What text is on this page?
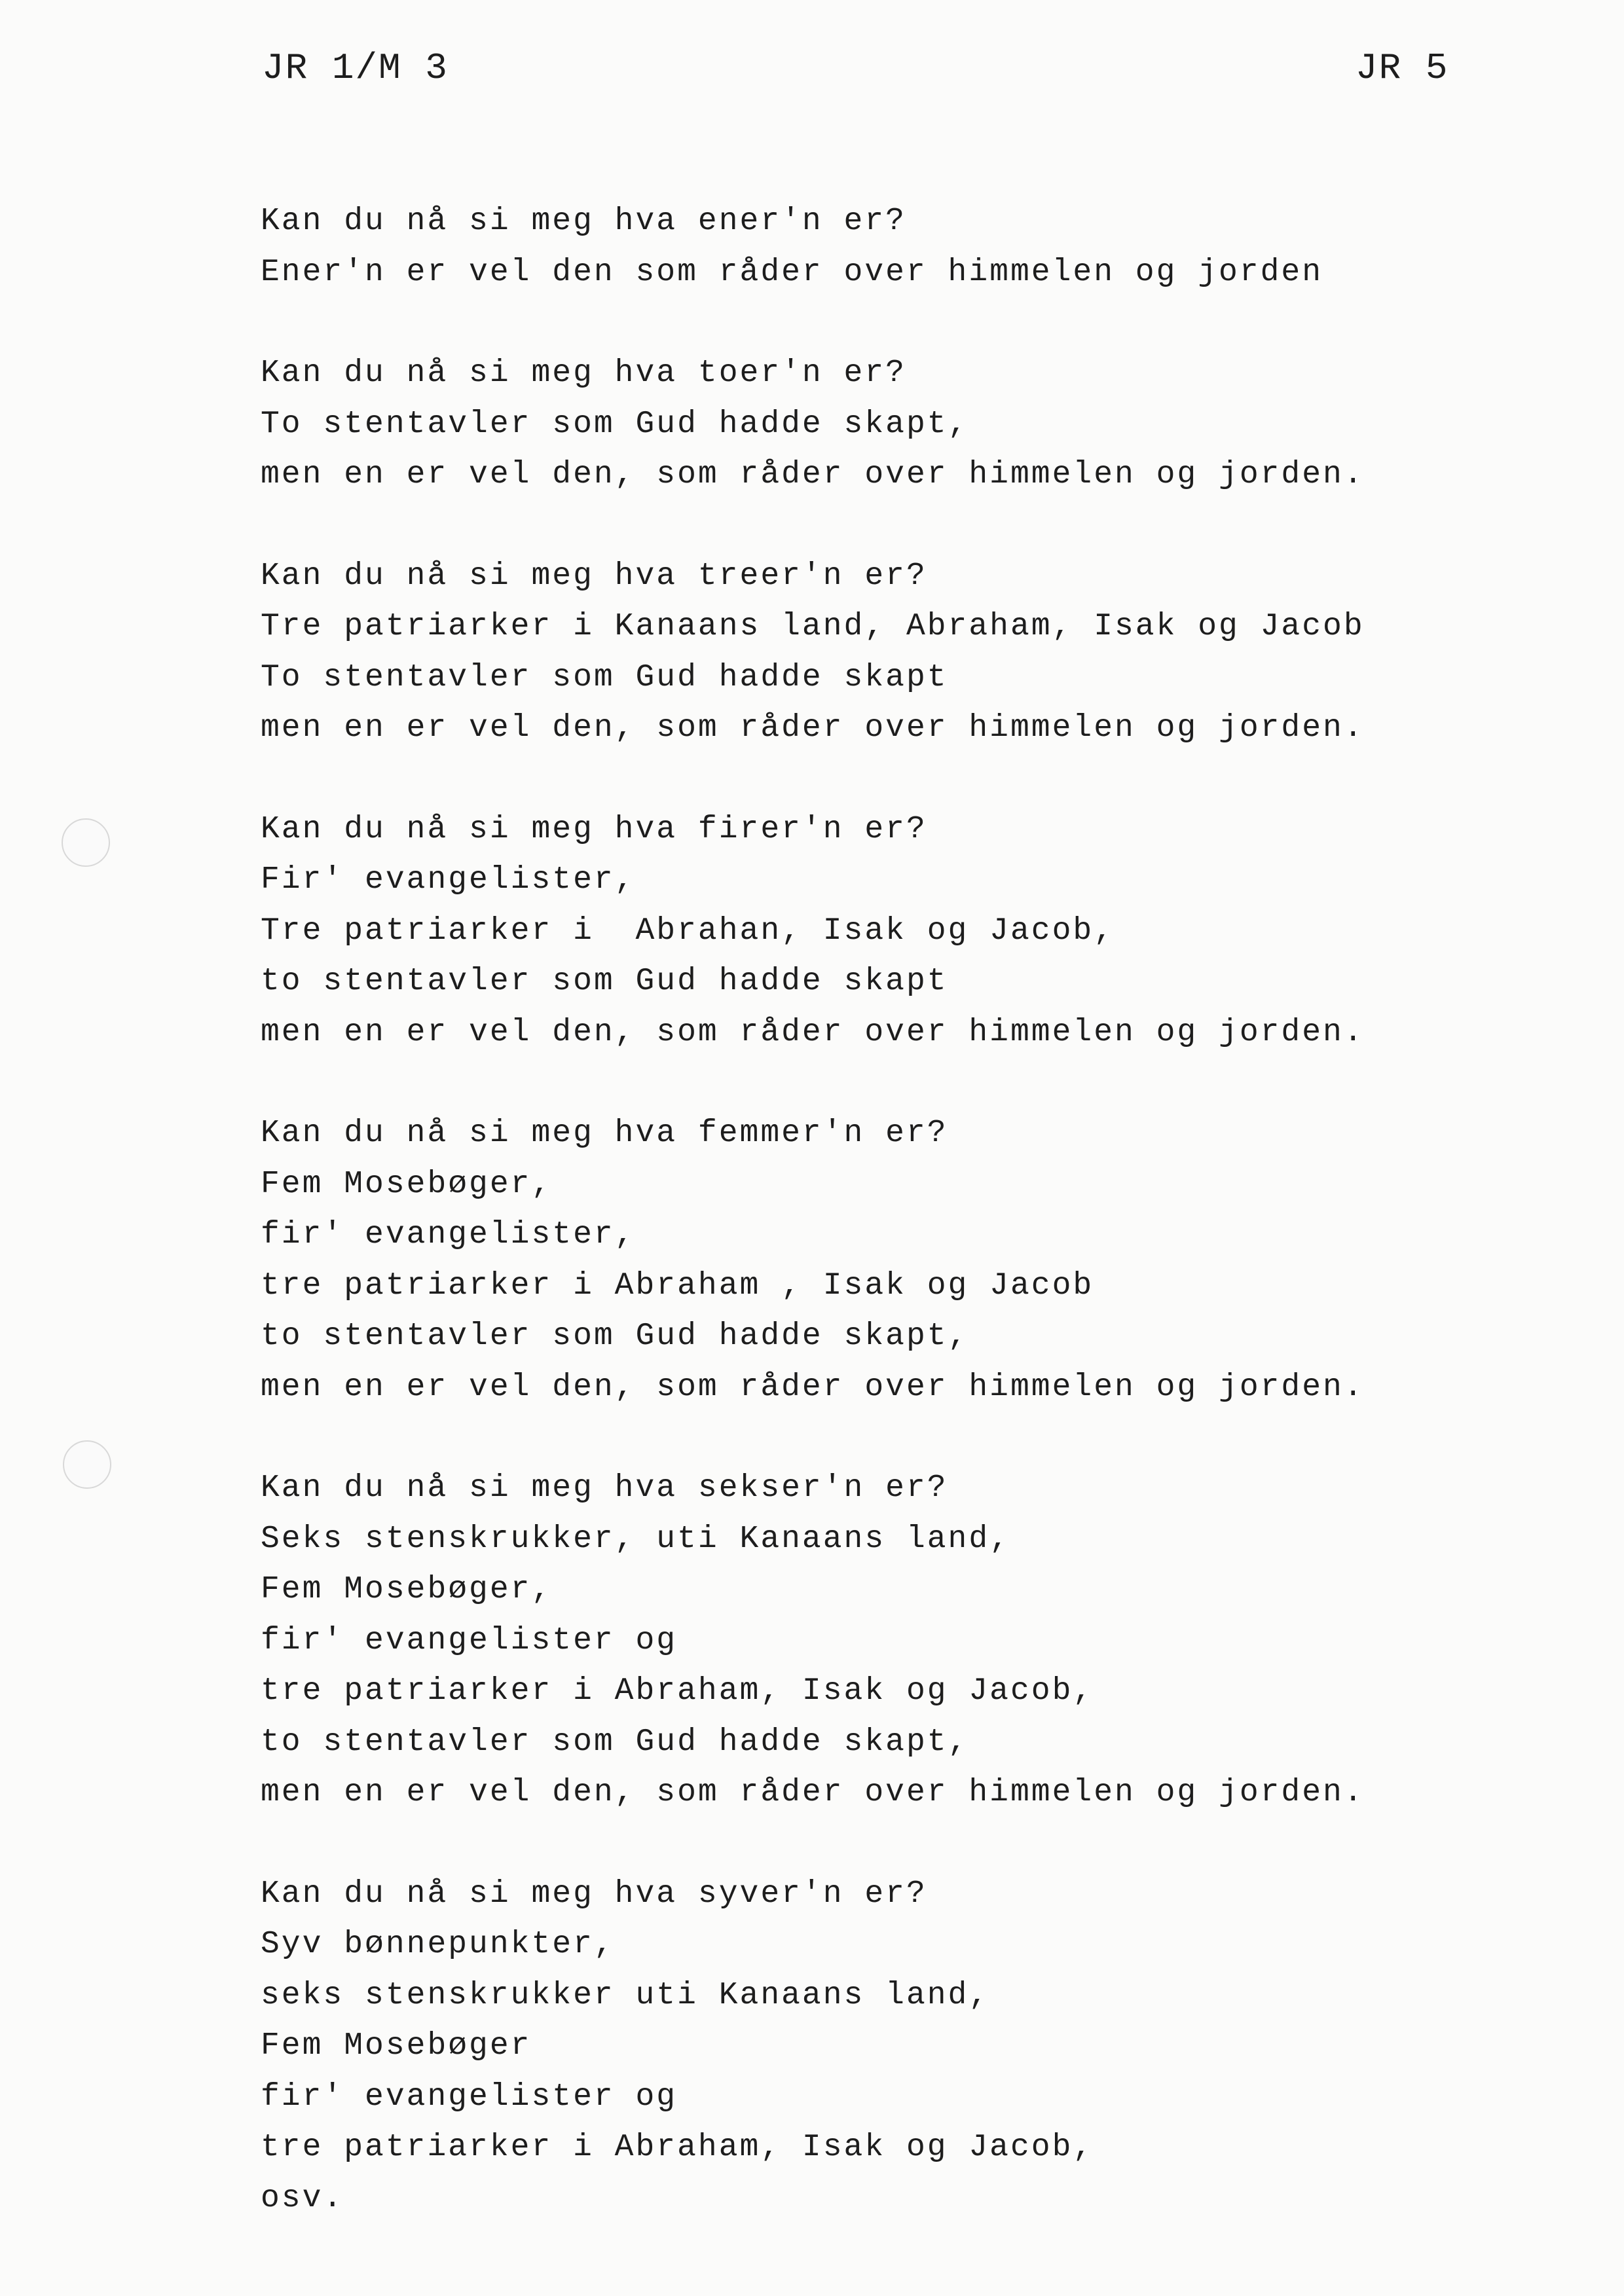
JR 1/M 3	JR 5
Kan du nå si meg hva ener'n er?
Ener'n er vel den som råder over himmelen og jorden
Kan du nå si meg hva toer'n er?
To stentavler som Gud hadde skapt,
men en er vel den, som råder over himmelen og jorden.
Kan du nå si meg hva treer'n er?
Tre patriarker i Kanaans land, Abraham, Isak og Jacob
To stentavler som Gud hadde skapt
men en er vel den, som råder over himmelen og jorden.
Kan du nå si meg hva firer'n er?
Fir' evangelister,
Tre patriarker i  Abrahan, Isak og Jacob,
to stentavler som Gud hadde skapt
men en er vel den, som råder over himmelen og jorden.
Kan du nå si meg hva femmer'n er?
Fem Mosebøger,
fir' evangelister,
tre patriarker i Abraham , Isak og Jacob
to stentavler som Gud hadde skapt,
men en er vel den, som råder over himmelen og jorden.
Kan du nå si meg hva sekser'n er?
Seks stenskrukker, uti Kanaans land,
Fem Mosebøger,
fir' evangelister og
tre patriarker i Abraham, Isak og Jacob,
to stentavler som Gud hadde skapt,
men en er vel den, som råder over himmelen og jorden.
Kan du nå si meg hva syver'n er?
Syv bønnepunkter,
seks stenskrukker uti Kanaans land,
Fem Mosebøger
fir' evangelister og
tre patriarker i Abraham, Isak og Jacob,
osv.
